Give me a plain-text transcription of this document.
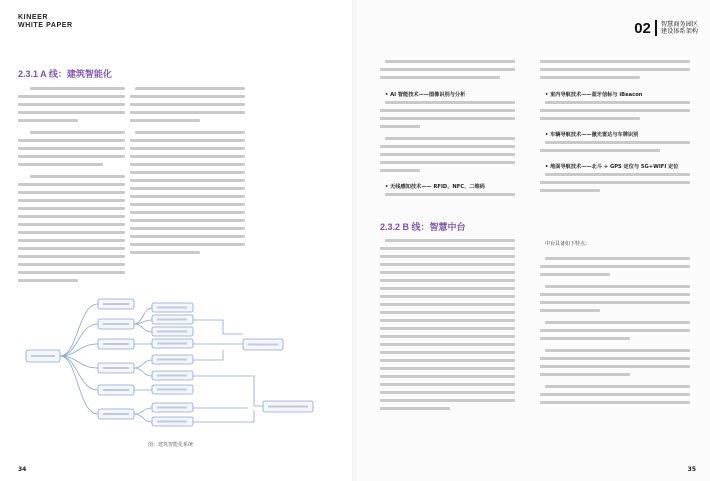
KINEER
WHITE PAPER
2.3.1 A 线：建筑智能化
图：建筑智能化系统
34
02 智慧商务园区
建设体系架构
• AI 智能技术——图像识别与分析
• 无线感知技术—— RFID、NFC、二维码
2.3.2 B 线：智慧中台
• 室内导航技术——蓝牙信标与 iBeacon
• 车辆导航技术——激光雷达与车牌识别
• 地面导航技术——北斗 + GPS 定位与 5G+WIFI 定位
中台具备如下特点：
35
